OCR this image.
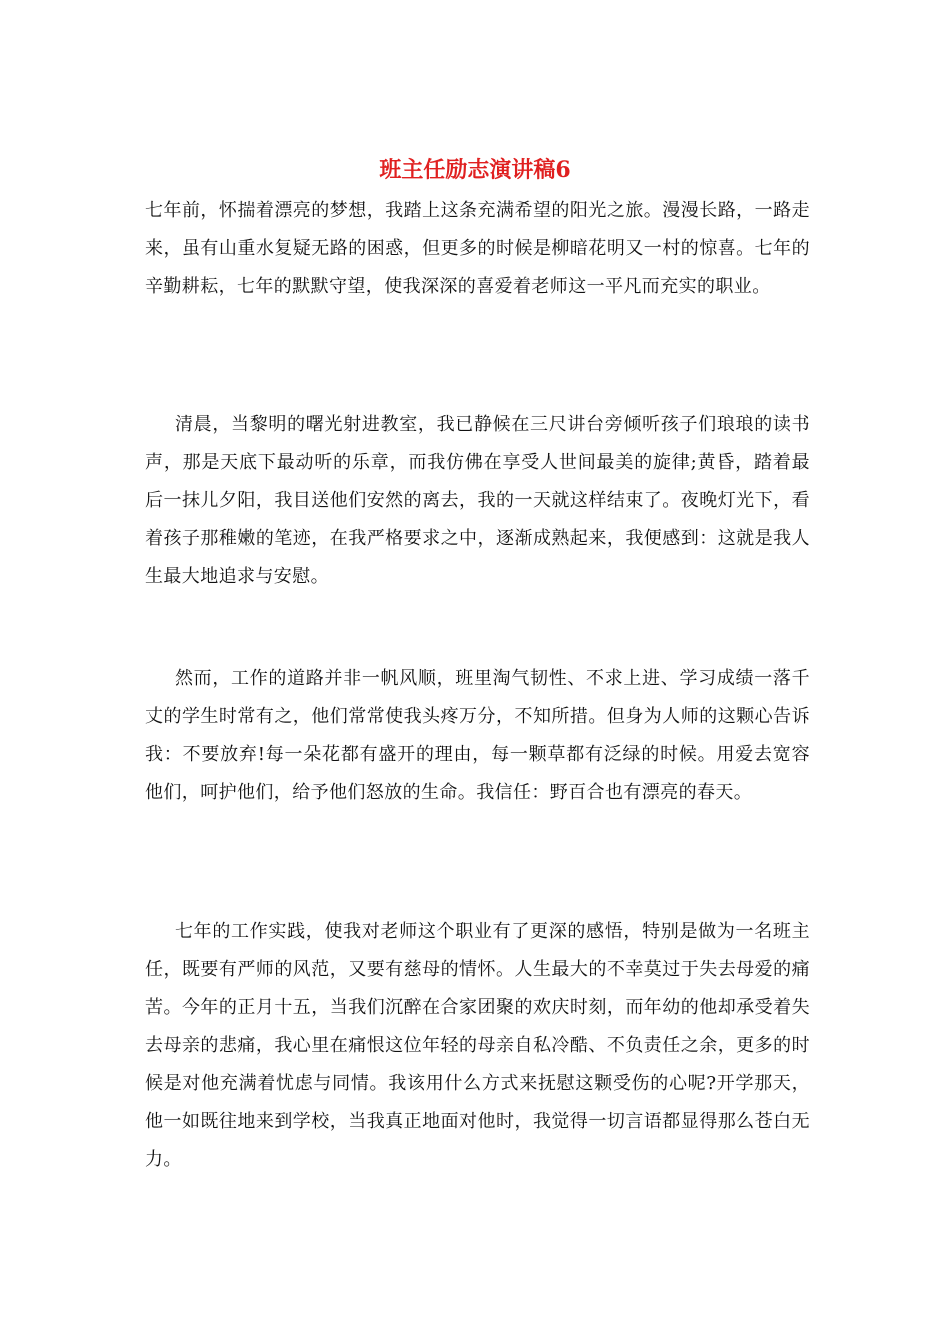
班主任励志演讲稿6

七年前，怀揣着漂亮的梦想，我踏上这条充满希望的阳光之旅。漫漫长路，一路走来，虽有山重水复疑无路的困惑，但更多的时候是柳暗花明又一村的惊喜。七年的辛勤耕耘，七年的默默守望，使我深深的喜爱着老师这一平凡而充实的职业。

清晨，当黎明的曙光射进教室，我已静候在三尺讲台旁倾听孩子们琅琅的读书声，那是天底下最动听的乐章，而我仿佛在享受人世间最美的旋律;黄昏，踏着最后一抹儿夕阳，我目送他们安然的离去，我的一天就这样结束了。夜晚灯光下，看着孩子那稚嫩的笔迹，在我严格要求之中，逐渐成熟起来，我便感到：这就是我人生最大地追求与安慰。

然而，工作的道路并非一帆风顺，班里淘气韧性、不求上进、学习成绩一落千丈的学生时常有之，他们常常使我头疼万分，不知所措。但身为人师的这颗心告诉我：不要放弃!每一朵花都有盛开的理由，每一颗草都有泛绿的时候。用爱去宽容他们，呵护他们，给予他们怒放的生命。我信任：野百合也有漂亮的春天。

七年的工作实践，使我对老师这个职业有了更深的感悟，特别是做为一名班主任，既要有严师的风范，又要有慈母的情怀。人生最大的不幸莫过于失去母爱的痛苦。今年的正月十五，当我们沉醉在合家团聚的欢庆时刻，而年幼的他却承受着失去母亲的悲痛，我心里在痛恨这位年轻的母亲自私冷酷、不负责任之余，更多的时候是对他充满着忧虑与同情。我该用什么方式来抚慰这颗受伤的心呢?开学那天，他一如既往地来到学校，当我真正地面对他时，我觉得一切言语都显得那么苍白无力。
